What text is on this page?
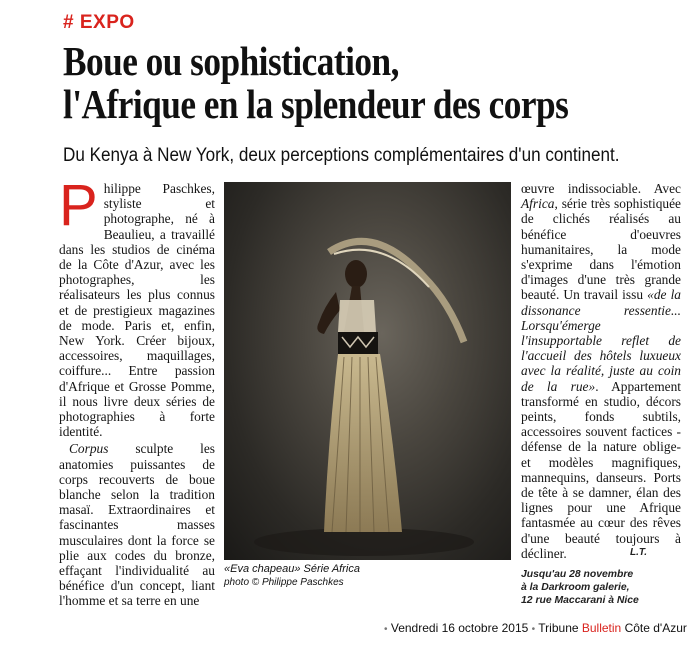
# EXPO
Boue ou sophistication,
l'Afrique en la splendeur des corps
Du Kenya à New York, deux perceptions complémentaires d'un continent.

Philippe Paschkes, styliste et photographe, né à Beaulieu, a travaillé dans les studios de cinéma de la Côte d'Azur, avec les photographes, les réalisateurs les plus connus et de prestigieux magazines de mode. Paris et, enfin, New York. Créer bijoux, accessoires, maquillages, coiffure... Entre passion d'Afrique et Grosse Pomme, il nous livre deux séries de photographies à forte identité.

Corpus sculpte les anatomies puissantes de corps recouverts de boue blanche selon la tradition masaï. Extraordinaires et fascinantes masses musculaires dont la force se plie aux codes du bronze, effaçant l'individualité au bénéfice d'un concept, liant l'homme et sa terre en une

«Eva chapeau» Série Africa
photo © Philippe Paschkes

œuvre indissociable. Avec Africa, série très sophistiquée de clichés réalisés au bénéfice d'oeuvres humanitaires, la mode s'exprime dans l'émotion d'images d'une très grande beauté. Un travail issu «de la dissonance ressentie... Lorsqu'émerge l'insupportable reflet de l'accueil des hôtels luxueux avec la réalité, juste au coin de la rue». Appartement transformé en studio, décors peints, fonds subtils, accessoires souvent factices -défense de la nature oblige- et modèles magnifiques, mannequins, danseurs. Ports de tête à se damner, élan des lignes pour une Afrique fantasmée au cœur des rêves d'une beauté toujours à décliner.	L.T.
Jusqu'au 28 novembre
à la Darkroom galerie,
12 rue Maccarani à Nice
• Vendredi 16 octobre 2015 • Tribune Bulletin Côte d'Azur
